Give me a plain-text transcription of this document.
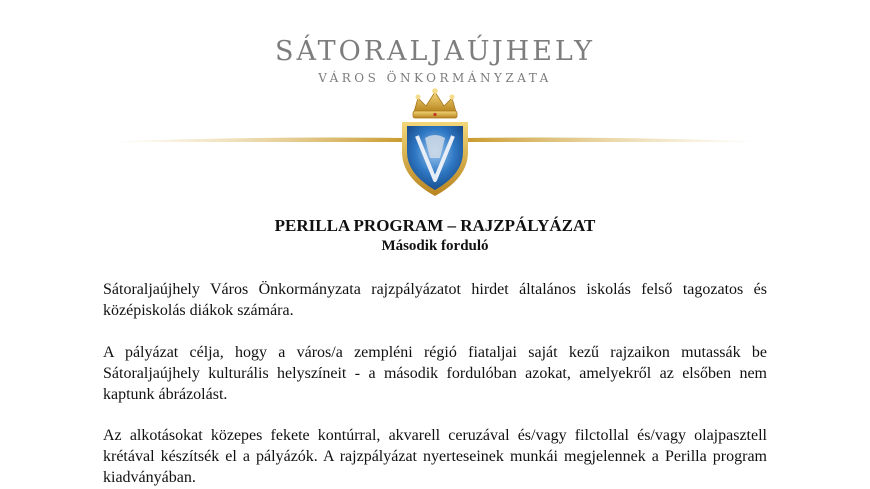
SÁTORALJAÚJHELY
VÁROS ÖNKORMÁNYZATA
PERILLA PROGRAM – RAJZPÁLYÁZAT
Második forduló

Sátoraljaújhely Város Önkormányzata rajzpályázatot hirdet általános iskolás felső tagozatos és középiskolás diákok számára.

A pályázat célja, hogy a város/a zempléni régió fiataljai saját kezű rajzaikon mutassák be Sátoraljaújhely kulturális helyszíneit - a második fordulóban azokat, amelyekről az elsőben nem kaptunk ábrázolást.

Az alkotásokat közepes fekete kontúrral, akvarell ceruzával és/vagy filctollal és/vagy olajpasztell krétával készítsék el a pályázók. A rajzpályázat nyerteseinek munkái megjelennek a Perilla program kiadványában.
